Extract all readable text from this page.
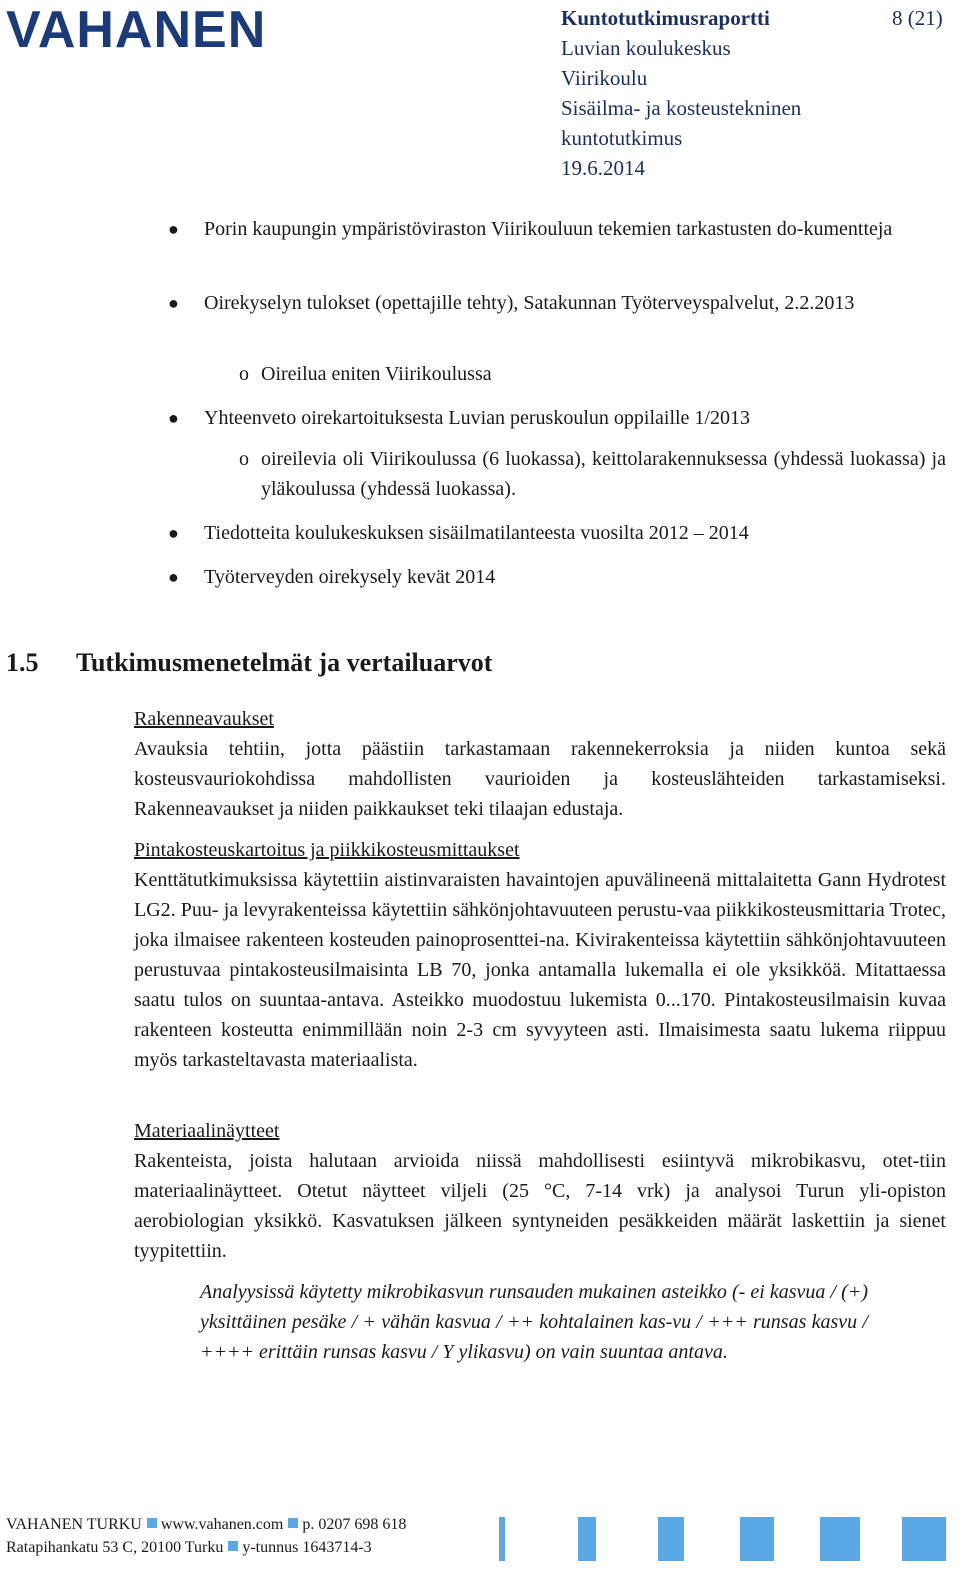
VAHANEN	Kuntotutkimusraportti
Luvian koulukeskus
Viirikoulu
Sisäilma- ja kosteustekninen
kuntotutkimus
19.6.2014
8 (21)
● Porin kaupungin ympäristöviraston Viirikouluun tekemien tarkastusten do-kumentteja
● Oirekyselyn tulokset (opettajille tehty), Satakunnan Työterveyspalvelut, 2.2.2013
o Oireilua eniten Viirikoulussa
● Yhteenveto oirekartoituksesta Luvian peruskoulun oppilaille 1/2013
o oireilevia oli Viirikoulussa (6 luokassa), keittolarakennuksessa (yhdessä luokassa) ja yläkoulussa (yhdessä luokassa).
● Tiedotteita koulukeskuksen sisäilmatilanteesta vuosilta 2012 – 2014
● Työterveyden oirekysely kevät 2014
1.5 Tutkimusmenetelmät ja vertailuarvot
Rakenneavaukset
Avauksia tehtiin, jotta päästiin tarkastamaan rakennekerroksia ja niiden kuntoa sekä kosteusvauriokohdissa mahdollisten vaurioiden ja kosteuslähteiden tarkastamiseksi. Rakenneavaukset ja niiden paikkaukset teki tilaajan edustaja.
Pintakosteuskartoitus ja piikkikosteusmittaukset
Kenttätutkimuksissa käytettiin aistinvaraisten havaintojen apuvälineenä mittalaitetta Gann Hydrotest LG2. Puu- ja levyrakenteissa käytettiin sähkönjohtavuuteen perustu-vaa piikkikosteusmittaria Trotec, joka ilmaisee rakenteen kosteuden painoprosenttei-na. Kivirakenteissa käytettiin sähkönjohtavuuteen perustuvaa pintakosteusilmaisinta LB 70, jonka antamalla lukemalla ei ole yksikköä. Mitattaessa saatu tulos on suuntaa-antava. Asteikko muodostuu lukemista 0...170. Pintakosteusilmaisin kuvaa rakenteen kosteutta enimmillään noin 2-3 cm syvyyteen asti. Ilmaisimesta saatu lukema riippuu myös tarkasteltavasta materiaalista.
Materiaalinäytteet
Rakenteista, joista halutaan arvioida niissä mahdollisesti esiintyvä mikrobikasvu, otet-tiin materiaalinäytteet. Otetut näytteet viljeli (25 °C, 7-14 vrk) ja analysoi Turun yli-opiston aerobiologian yksikkö. Kasvatuksen jälkeen syntyneiden pesäkkeiden määrät laskettiin ja sienet tyypitettiin.
Analyysissä käytetty mikrobikasvun runsauden mukainen asteikko (- ei kasvua / (+) yksittäinen pesäke / + vähän kasvua / ++ kohtalainen kas-vu / +++ runsas kasvu / ++++ erittäin runsas kasvu / Y ylikasvu) on vain suuntaa antava.
VAHANEN TURKU www.vahanen.com p. 0207 698 618
Ratapihankatu 53 C, 20100 Turku y-tunnus 1643714-3
